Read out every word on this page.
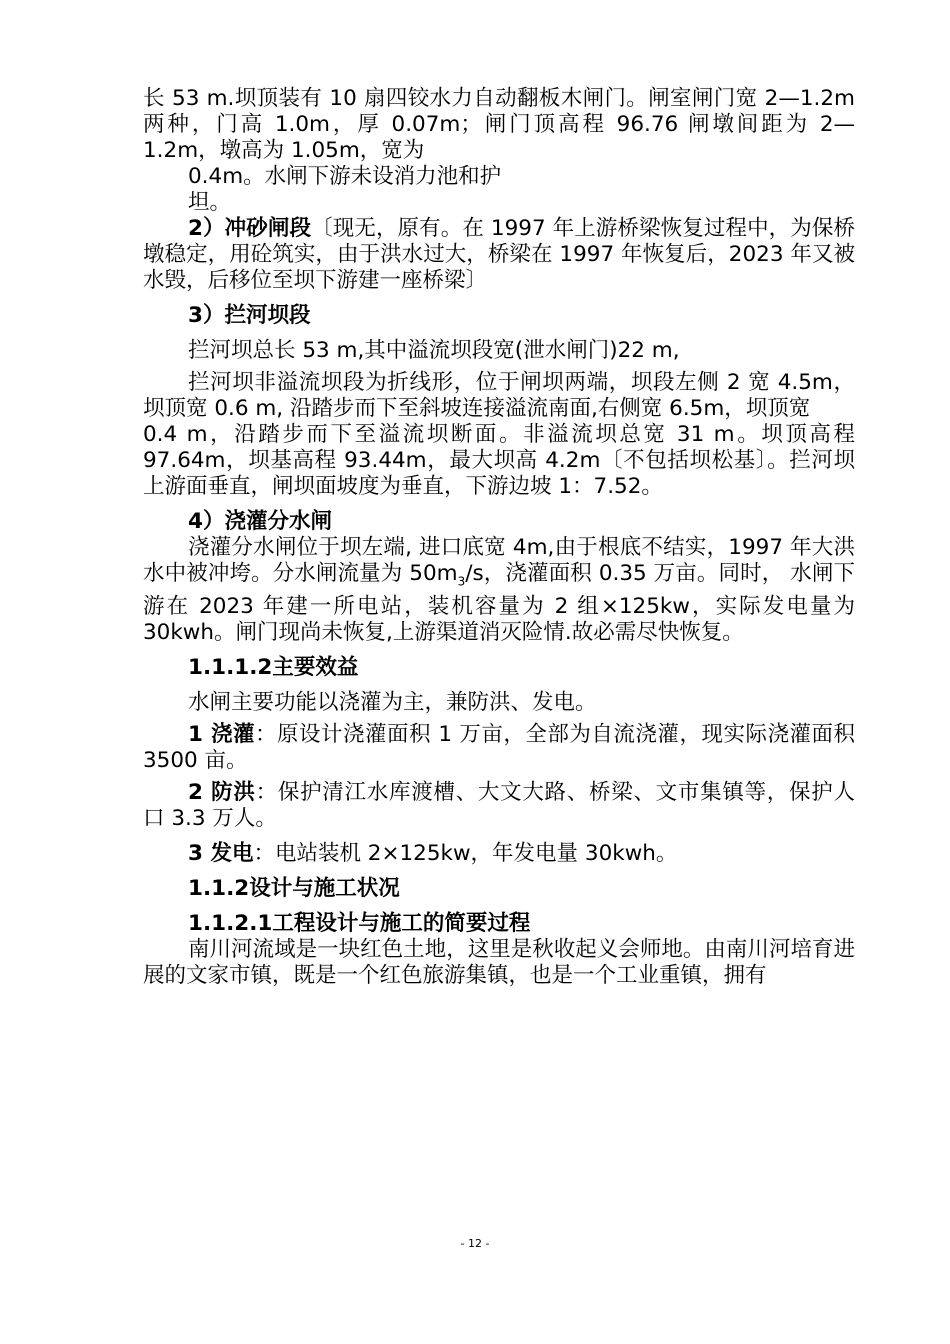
长 53 m.坝顶装有 10 扇四铰水力自动翻板木闸门。闸室闸门宽 2—1.2m 两种，门高 1.0m，厚 0.07m；闸门顶高程 96.76 闸墩间距为 2—1.2m，墩高为 1.05m，宽为

0.4m。水闸下游未设消力池和护

坦。

2）冲砂闸段〔现无，原有。在 1997 年上游桥梁恢复过程中，为保桥墩稳定，用砼筑实，由于洪水过大，桥梁在 1997 年恢复后，2023 年又被水毁，后移位至坝下游建一座桥梁〕

3）拦河坝段

拦河坝总长 53 m,其中溢流坝段宽(泄水闸门)22 m,

拦河坝非溢流坝段为折线形，位于闸坝两端，坝段左侧 2 宽 4.5m， 坝顶宽 0.6 m, 沿踏步而下至斜坡连接溢流南面,右侧宽 6.5m，坝顶宽

0.4 m，沿踏步而下至溢流坝断面。非溢流坝总宽 31 m。坝顶高程 97.64m，坝基高程 93.44m，最大坝高 4.2m〔不包括坝松基〕。拦河坝上游面垂直，闸坝面坡度为垂直，下游边坡 1：7.52。

4）浇灌分水闸

浇灌分水闸位于坝左端, 进口底宽 4m,由于根底不结实，1997 年大洪水中被冲垮。分水闸流量为 $50m_3/s$，浇灌面积 0.35 万亩。同时， 水闸下游在 2023 年建一所电站，装机容量为 2 组×125kw，实际发电量为 30kwh。闸门现尚未恢复,上游渠道消灭险情.故必需尽快恢复。

1.1.1.2主要效益

水闸主要功能以浇灌为主，兼防洪、发电。

1 浇灌：原设计浇灌面积 1 万亩，全部为自流浇灌，现实际浇灌面积 3500 亩。

2 防洪：保护清江水库渡槽、大文大路、桥梁、文市集镇等，保护人口 3.3 万人。

3 发电：电站装机 2×125kw，年发电量 30kwh。

1.1.2设计与施工状况

1.1.2.1工程设计与施工的简要过程

南川河流域是一块红色土地，这里是秋收起义会师地。由南川河培育进展的文家市镇，既是一个红色旅游集镇，也是一个工业重镇，拥有

- 12 -
